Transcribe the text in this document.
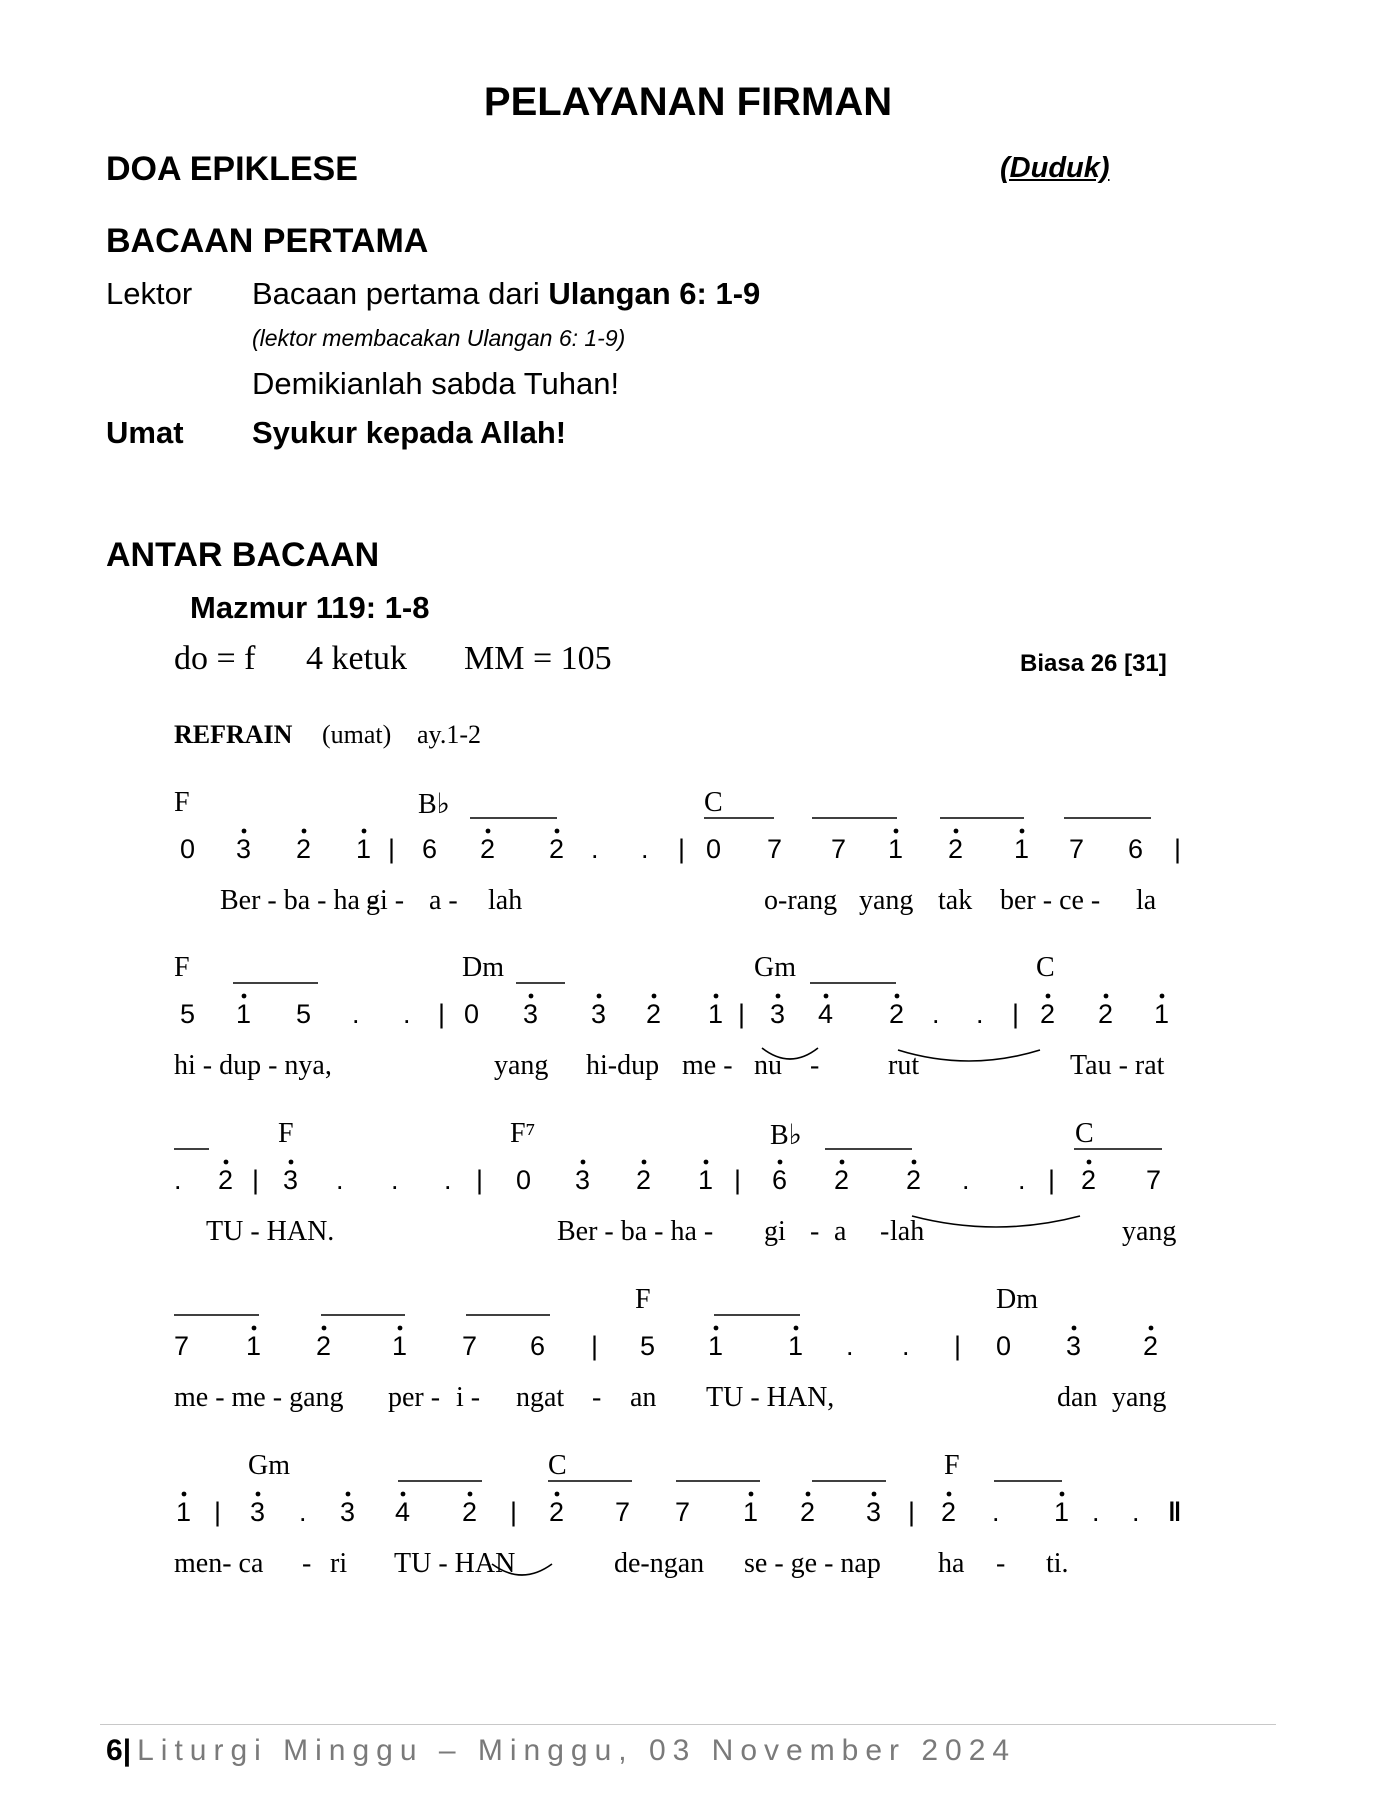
PELAYANAN FIRMAN
DOA EPIKLESE	(Duduk)
BACAAN PERTAMA
Lektor Bacaan pertama dari Ulangan 6: 1-9
(lektor membacakan Ulangan 6: 1-9)
Demikianlah sabda Tuhan!
Umat Syukur kepada Allah!
ANTAR BACAAN
Mazmur 119: 1-8
do = f 4 ketuk MM = 105	Biasa 26 [31]
REFRAIN (umat) ay.1-2
F	B♭	C
0 3 2 1 | 6 2 2 . . | 0 7 7 1 2 1 7 6 |
Ber - ba - ha -
gi - a - lah	o-rang yang tak ber - ce - la
F	Dm	Gm	C
5 1 5 . . | 0 3 3 2 1 | 3 4 2 . . | 2 2 1
hi - dup - nya,	yang hi-dup me - nu - rut	Tau - rat
F	F⁷	B♭	C
. 2 | 3 . . . | 0 3 2 1 | 6 2 2 . . | 2 7
TU - HAN.	Ber - ba - ha - gi - a - lah	yang
F	Dm
7 1 2 1 7 6 | 5 1 1 . . | 0 3 2
me - me - gang per - i - ngat - an TU - HAN,	dan yang
Gm	C	F
1 | 3 . 3 4 2 | 2 7 7 1 2 3 | 2 . 1 . . ‖
men- ca - ri TU - HAN	de-ngan se - ge - nap ha - ti.
6| Liturgi Minggu – Minggu, 03 November 2024
